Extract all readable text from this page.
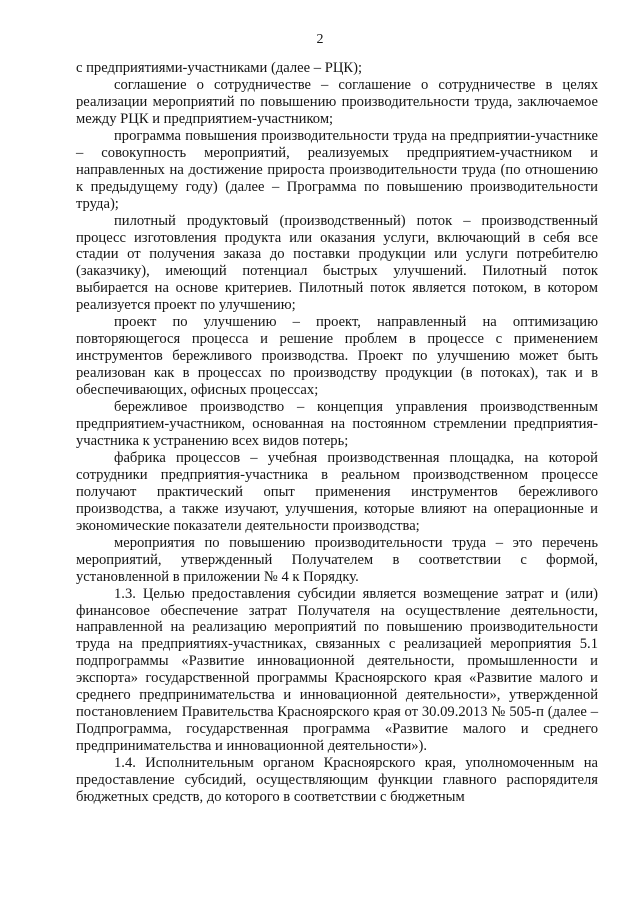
2

с предприятиями-участниками (далее – РЦК);

соглашение о сотрудничестве – соглашение о сотрудничестве в целях реализации мероприятий по повышению производительности труда, заключаемое между РЦК и предприятием-участником;

программа повышения производительности труда на предприятии-участнике – совокупность мероприятий, реализуемых предприятием-участником и направленных на достижение прироста производительности труда (по отношению к предыдущему году) (далее – Программа по повышению производительности труда);

пилотный продуктовый (производственный) поток – производственный процесс изготовления продукта или оказания услуги, включающий в себя все стадии от получения заказа до поставки продукции или услуги потребителю (заказчику), имеющий потенциал быстрых улучшений. Пилотный поток выбирается на основе критериев. Пилотный поток является потоком, в котором реализуется проект по улучшению;

проект по улучшению – проект, направленный на оптимизацию повторяющегося процесса и решение проблем в процессе с применением инструментов бережливого производства. Проект по улучшению может быть реализован как в процессах по производству продукции (в потоках), так и в обеспечивающих, офисных процессах;

бережливое производство – концепция управления производственным предприятием-участником, основанная на постоянном стремлении предприятия-участника к устранению всех видов потерь;

фабрика процессов – учебная производственная площадка, на которой сотрудники предприятия-участника в реальном производственном процессе получают практический опыт применения инструментов бережливого производства, а также изучают, улучшения, которые влияют на операционные и экономические показатели деятельности производства;

мероприятия по повышению производительности труда – это перечень мероприятий, утвержденный Получателем в соответствии с формой, установленной в приложении № 4 к Порядку.

1.3. Целью предоставления субсидии является возмещение затрат и (или) финансовое обеспечение затрат Получателя на осуществление деятельности, направленной на реализацию мероприятий по повышению производительности труда на предприятиях-участниках, связанных с реализацией мероприятия 5.1 подпрограммы «Развитие инновационной деятельности, промышленности и экспорта» государственной программы Красноярского края «Развитие малого и среднего предпринимательства и инновационной деятельности», утвержденной постановлением Правительства Красноярского края от 30.09.2013 № 505-п (далее – Подпрограмма, государственная программа «Развитие малого и среднего предпринимательства и инновационной деятельности»).

1.4. Исполнительным органом Красноярского края, уполномоченным на предоставление субсидий, осуществляющим функции главного распорядителя бюджетных средств, до которого в соответствии с бюджетным
